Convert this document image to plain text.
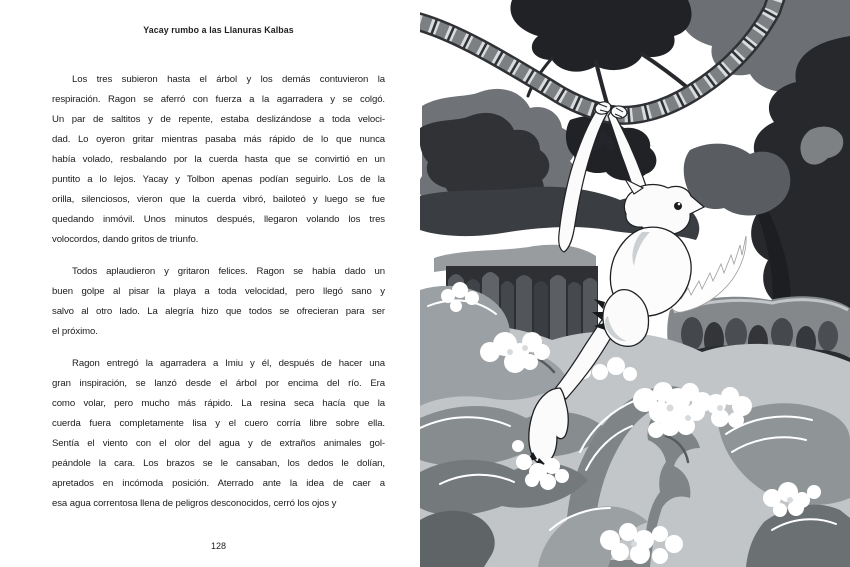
Yacay rumbo a las Llanuras Kalbas

Los tres subieron hasta el árbol y los demás contuvieron la
respiración. Ragon se aferró con fuerza a la agarradera y se colgó.
Un par de saltitos y de repente, estaba deslizándose a toda veloci-
dad. Lo oyeron gritar mientras pasaba más rápido de lo que nunca
había volado, resbalando por la cuerda hasta que se convirtió en un
puntito a lo lejos. Yacay y Tolbon apenas podían seguirlo. Los de la
orilla, silenciosos, vieron que la cuerda vibró, bailoteó y luego se fue
quedando inmóvil. Unos minutos después, llegaron volando los tres
volocordos, dando gritos de triunfo.

Todos aplaudieron y gritaron felices. Ragon se había dado un
buen golpe al pisar la playa a toda velocidad, pero llegó sano y
salvo al otro lado. La alegría hizo que todos se ofrecieran para ser
el próximo.

Ragon entregó la agarradera a Imiu y él, después de hacer una
gran inspiración, se lanzó desde el árbol por encima del río. Era
como volar, pero mucho más rápido. La resina seca hacía que la
cuerda fuera completamente lisa y el cuero corría libre sobre ella.
Sentía el viento con el olor del agua y de extraños animales gol-
peándole la cara. Los brazos se le cansaban, los dedos le dolían,
apretados en incómoda posición. Aterrado ante la idea de caer a
esa agua correntosa llena de peligros desconocidos, cerró los ojos y

128
